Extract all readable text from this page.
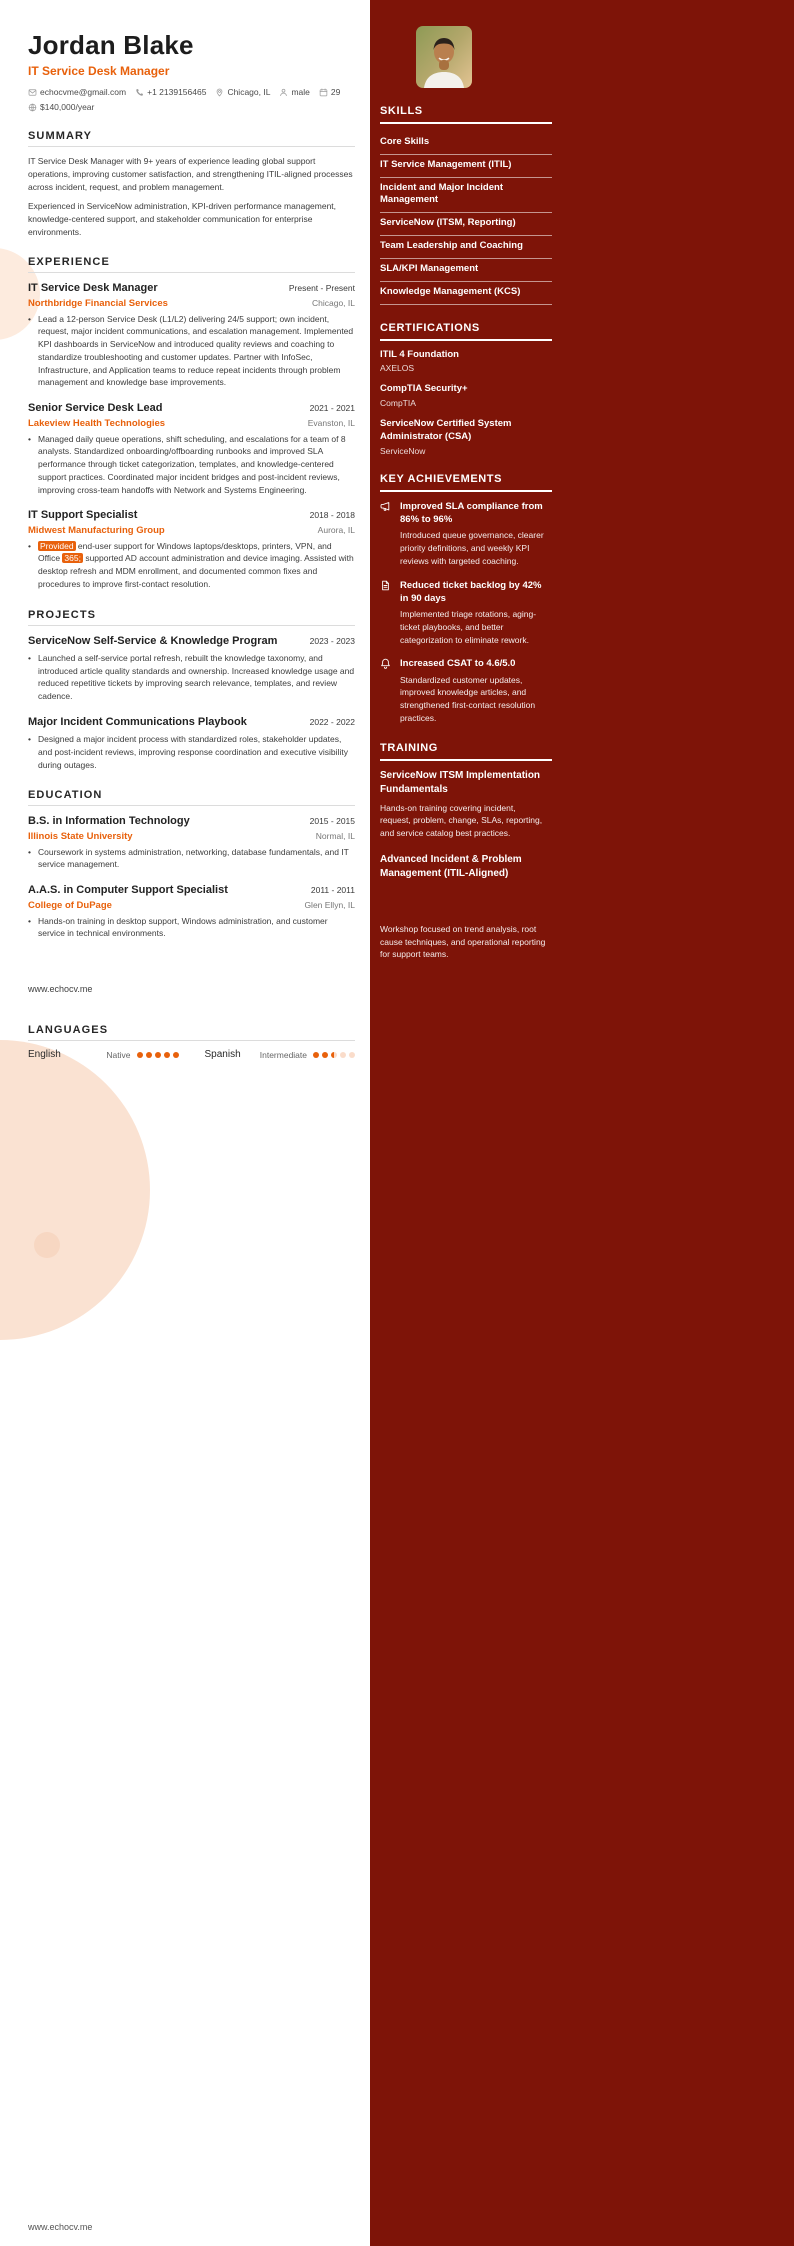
SKILLS
Core Skills
IT Service Management (ITIL)
Incident and Major Incident Management
ServiceNow (ITSM, Reporting)
Team Leadership and Coaching
SLA/KPI Management
Knowledge Management (KCS)
CERTIFICATIONS
ITIL 4 Foundation
AXELOS
CompTIA Security+
CompTIA
ServiceNow Certified System Administrator (CSA)
ServiceNow
KEY ACHIEVEMENTS
Improved SLA compliance from 86% to 96%
Introduced queue governance, clearer priority definitions, and weekly KPI reviews with targeted coaching.
Reduced ticket backlog by 42% in 90 days
Implemented triage rotations, aging-ticket playbooks, and better categorization to eliminate rework.
Increased CSAT to 4.6/5.0
Standardized customer updates, improved knowledge articles, and strengthened first-contact resolution practices.
TRAINING
ServiceNow ITSM Implementation Fundamentals
Hands-on training covering incident, request, problem, change, SLAs, reporting, and service catalog best practices.
Advanced Incident & Problem Management (ITIL-Aligned)
Workshop focused on trend analysis, root cause techniques, and operational reporting for support teams.
Jordan Blake
IT Service Desk Manager
echocvme@gmail.com +1 2139156465 Chicago, IL male 29
$140,000/year
SUMMARY

IT Service Desk Manager with 9+ years of experience leading global support operations, improving customer satisfaction, and strengthening ITIL-aligned processes across incident, request, and problem management.

Experienced in ServiceNow administration, KPI-driven performance management, knowledge-centered support, and stakeholder communication for enterprise environments.

EXPERIENCE
IT Service Desk Manager	Present - Present
Northbridge Financial Services	Chicago, IL
• Lead a 12-person Service Desk (L1/L2) delivering 24/5 support; own incident, request, major incident communications, and escalation management. Implemented KPI dashboards in ServiceNow and introduced quality reviews and coaching to standardize troubleshooting and customer updates. Partner with InfoSec, Infrastructure, and Application teams to reduce repeat incidents through problem management and knowledge base improvements.
Senior Service Desk Lead	2021 - 2021
Lakeview Health Technologies	Evanston, IL
• Managed daily queue operations, shift scheduling, and escalations for a team of 8 analysts. Standardized onboarding/offboarding runbooks and improved SLA performance through ticket categorization, templates, and knowledge-centered support practices. Coordinated major incident bridges and post-incident reviews, improving cross-team handoffs with Network and Systems Engineering.
IT Support Specialist	2018 - 2018
Midwest Manufacturing Group	Aurora, IL
•	Provided end-user support for Windows laptops/desktops, printers, VPN, and Office 365; supported AD account administration and device imaging. Assisted with desktop refresh and MDM enrollment, and documented common fixes and procedures to improve first-contact resolution.
PROJECTS
ServiceNow Self-Service & Knowledge Program	2023 - 2023
• Launched a self-service portal refresh, rebuilt the knowledge taxonomy, and introduced article quality standards and ownership. Increased knowledge usage and reduced repetitive tickets by improving search relevance, templates, and review cadence.
Major Incident Communications Playbook	2022 - 2022
• Designed a major incident process with standardized roles, stakeholder updates, and post-incident reviews, improving response coordination and executive visibility during outages.
EDUCATION
B.S. in Information Technology	2015 - 2015
Illinois State University	Normal, IL
• Coursework in systems administration, networking, database fundamentals, and IT service management.
A.A.S. in Computer Support Specialist	2011 - 2011
College of DuPage	Glen Ellyn, IL
• Hands-on training in desktop support, Windows administration, and customer service in technical environments.
www.echocv.me
LANGUAGES
English	Native	Spanish Intermediate
www.echocv.me
